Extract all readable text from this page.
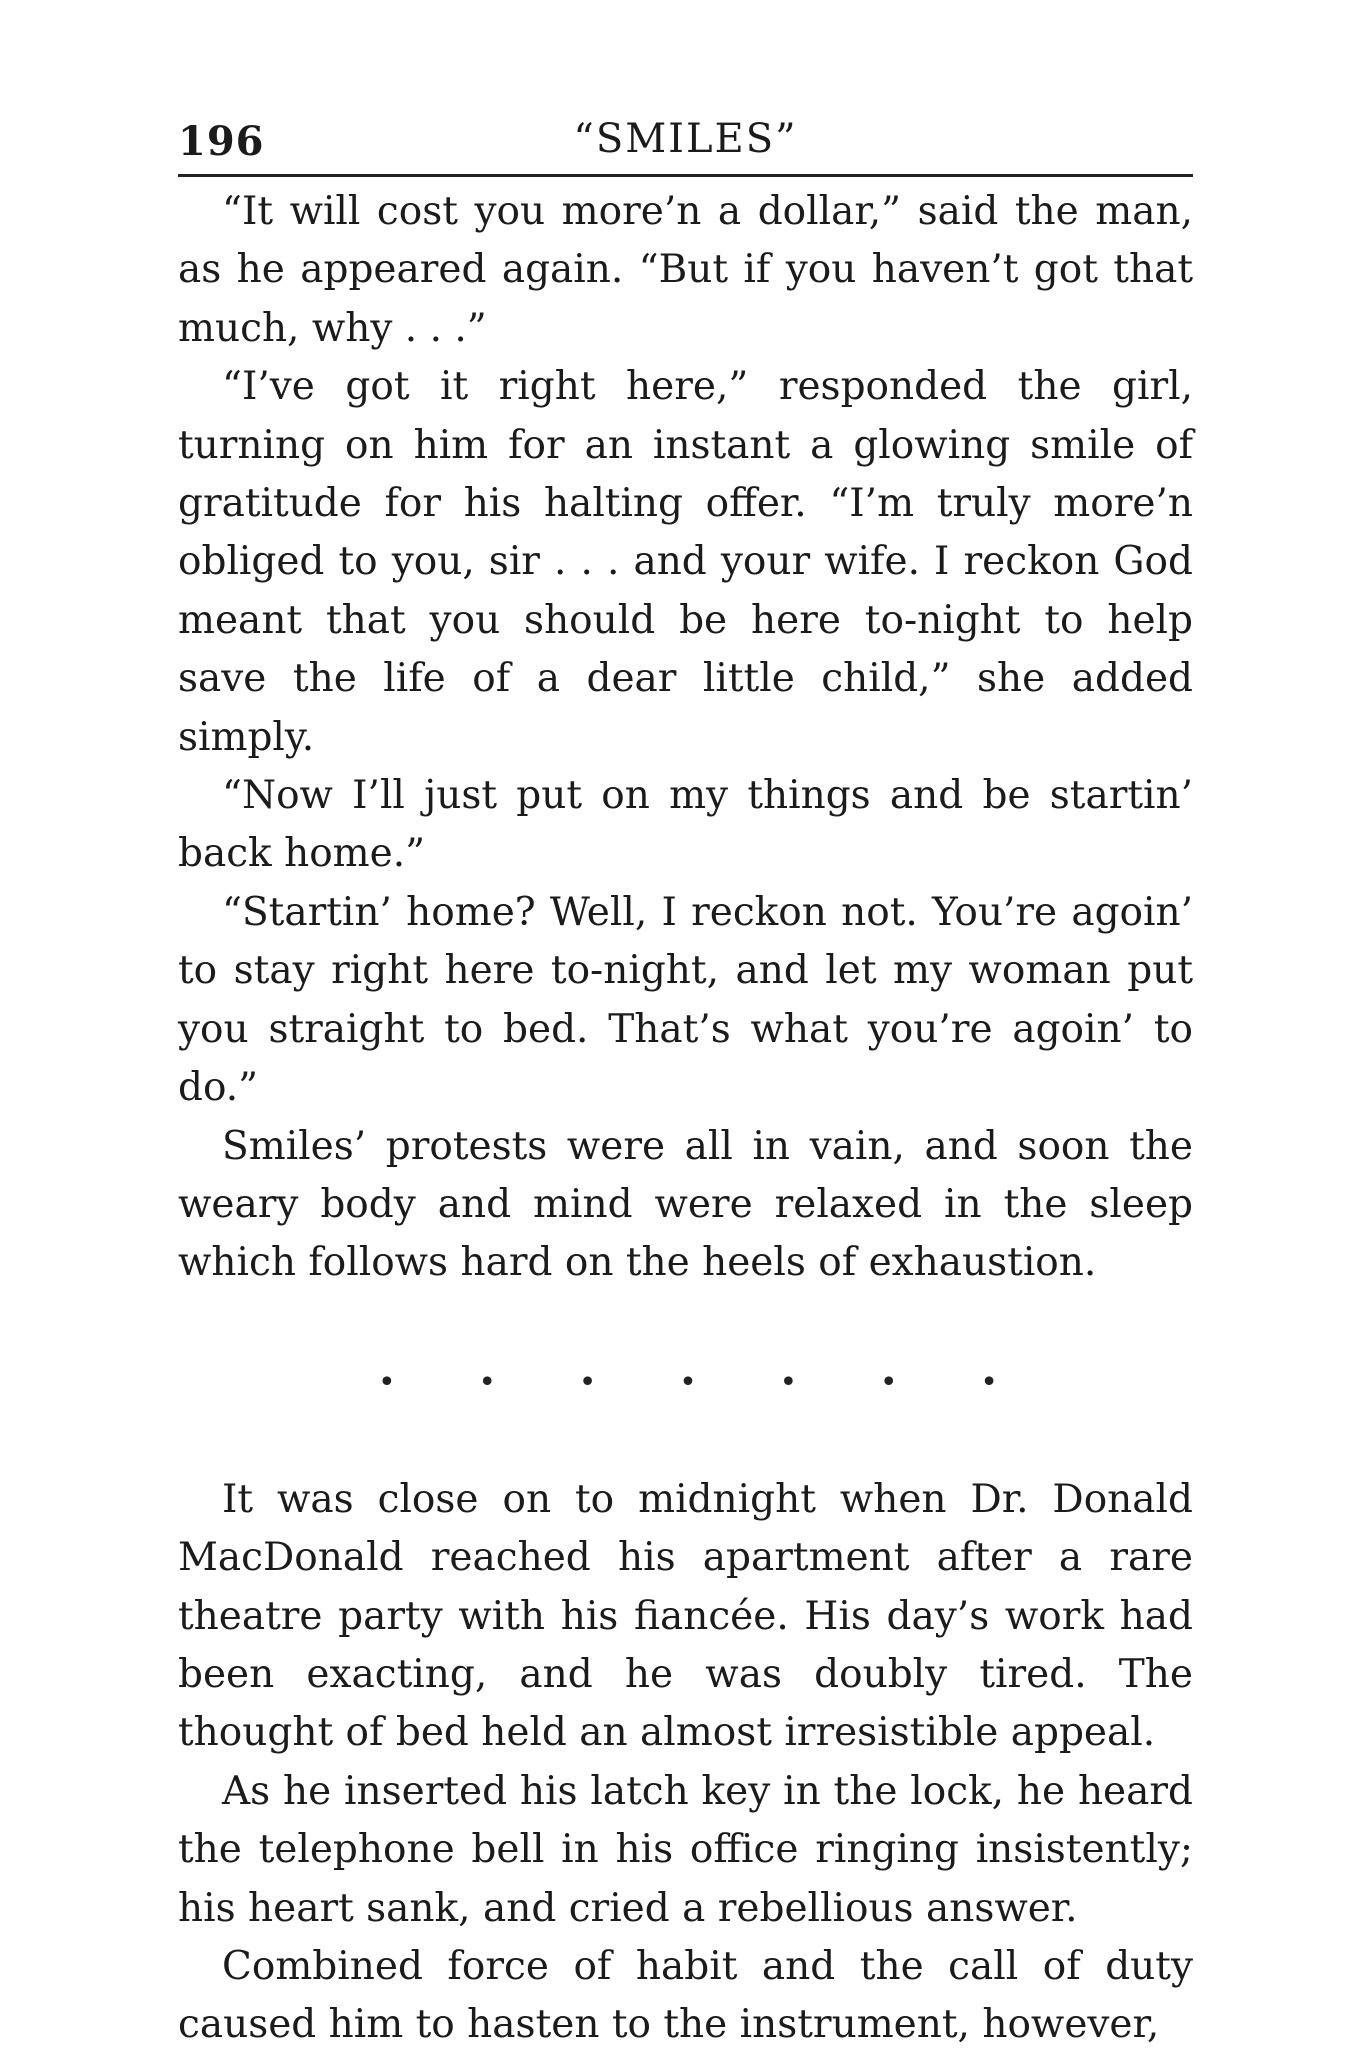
196	“SMILES”

“It will cost you more’n a dollar,” said the man, as he appeared again. “But if you haven’t got that much, why . . .”

“I’ve got it right here,” responded the girl, turning on him for an instant a glowing smile of gratitude for his halting offer. “I’m truly more’n obliged to you, sir . . . and your wife. I reckon God meant that you should be here to-night to help save the life of a dear little child,” she added simply.

“Now I’ll just put on my things and be startin’ back home.”

“Startin’ home? Well, I reckon not. You’re agoin’ to stay right here to-night, and let my woman put you straight to bed. That’s what you’re agoin’ to do.”

Smiles’ protests were all in vain, and soon the weary body and mind were relaxed in the sleep which follows hard on the heels of exhaustion.

•	•	•	•	•	•	•

It was close on to midnight when Dr. Donald MacDonald reached his apartment after a rare theatre party with his fiancée. His day’s work had been exacting, and he was doubly tired. The thought of bed held an almost irresistible appeal.

As he inserted his latch key in the lock, he heard the telephone bell in his office ringing insistently; his heart sank, and cried a rebellious answer.

Combined force of habit and the call of duty caused him to hasten to the instrument, however,
